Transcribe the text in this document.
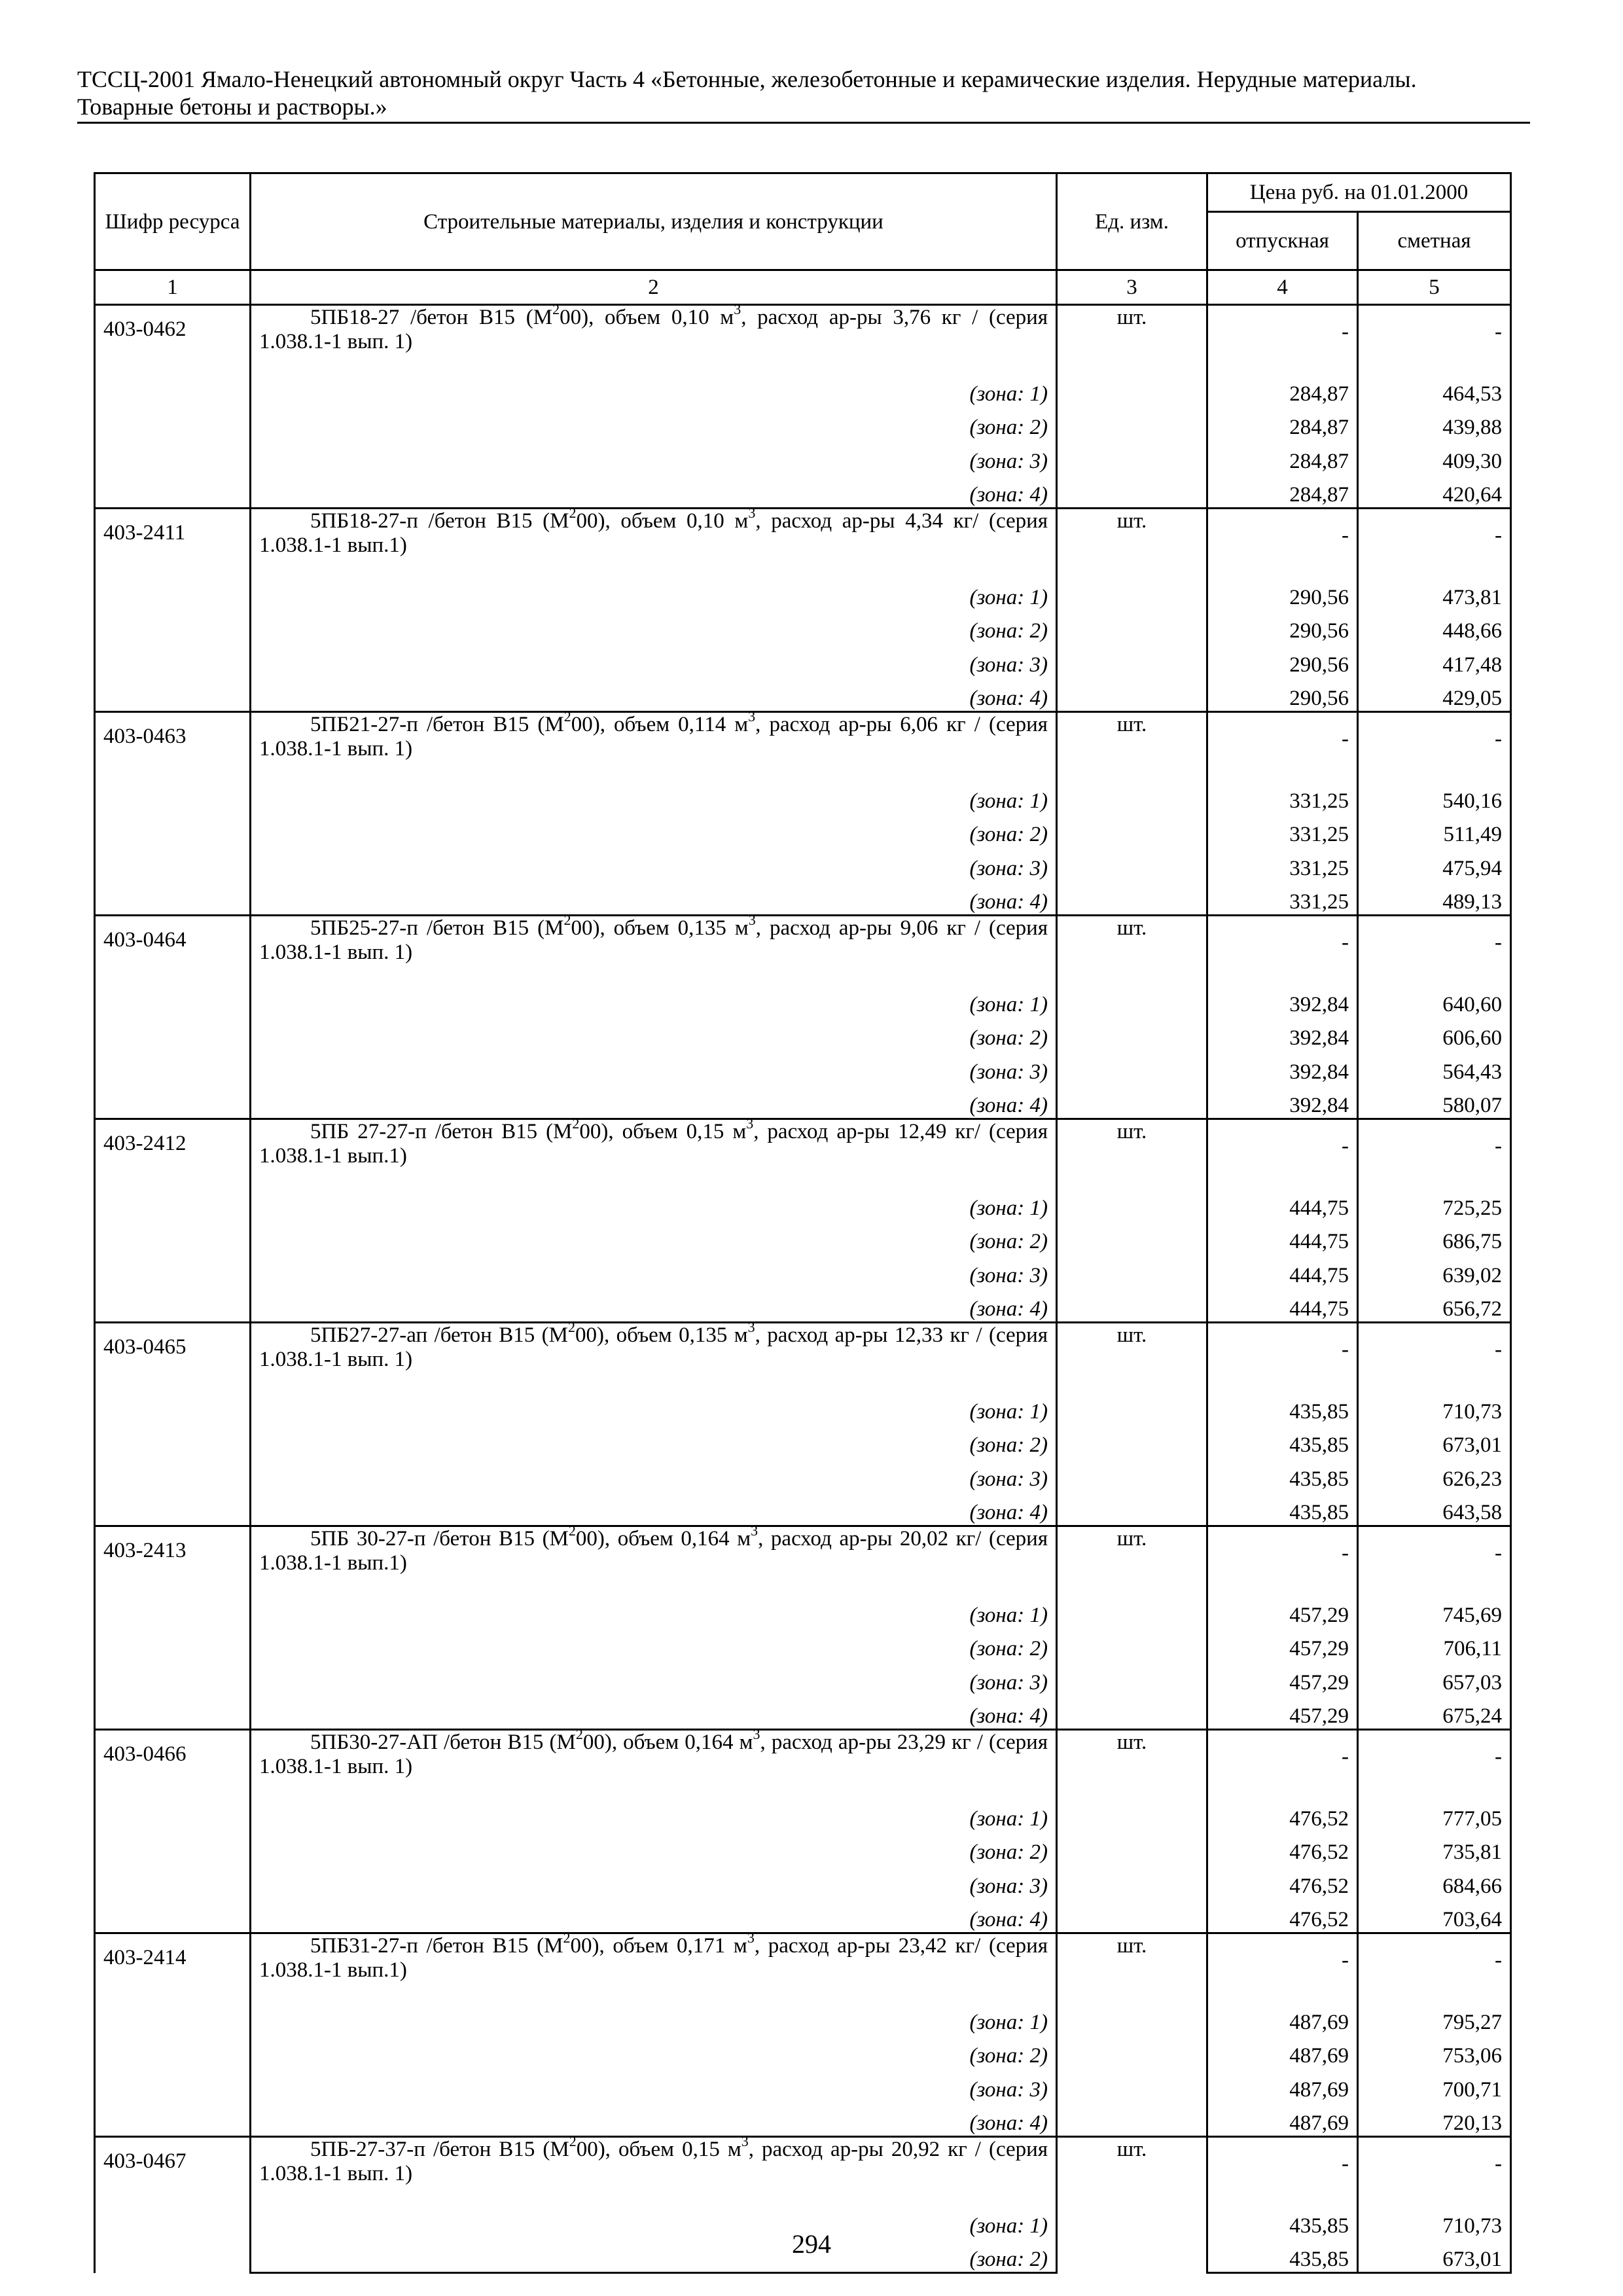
ТССЦ-2001 Ямало-Ненецкий автономный округ Часть 4 «Бетонные, железобетонные и керамические изделия. Нерудные материалы.
Товарные бетоны и растворы.»
Шифр ресурса	Строительные материалы, изделия и конструкции	Ед. изм.	Цена руб. на 01.01.2000	
			отпускная	сметная
1	2	3	4	5
403-0462	5ПБ18-27 /бетон В15 $(М^200)$, объем 0,10 $м^3$, расход ар-ры 3,76 кг / (серия 1.038.1-1 вып. 1)	шт.	-	-
	(зона: 1)		284,87	464,53
	(зона: 2)		284,87	439,88
	(зона: 3)		284,87	409,30
	(зона: 4)		284,87	420,64
403-2411	5ПБ18-27-п /бетон В15 $(М^200)$, объем 0,10 $м^3$, расход ар-ры 4,34 кг/ (серия 1.038.1-1 вып.1)	шт.	-	-
	(зона: 1)		290,56	473,81
	(зона: 2)		290,56	448,66
	(зона: 3)		290,56	417,48
	(зона: 4)		290,56	429,05
403-0463	5ПБ21-27-п /бетон В15 $(М^200)$, объем 0,114 $м^3$, расход ар-ры 6,06 кг / (серия 1.038.1-1 вып. 1)	шт.	-	-
	(зона: 1)		331,25	540,16
	(зона: 2)		331,25	511,49
	(зона: 3)		331,25	475,94
	(зона: 4)		331,25	489,13
403-0464	5ПБ25-27-п /бетон В15 $(М^200)$, объем 0,135 $м^3$, расход ар-ры 9,06 кг / (серия 1.038.1-1 вып. 1)	шт.	-	-
	(зона: 1)		392,84	640,60
	(зона: 2)		392,84	606,60
	(зона: 3)		392,84	564,43
	(зона: 4)		392,84	580,07
403-2412	5ПБ 27-27-п /бетон В15 $(М^200)$, объем 0,15 $м^3$, расход ар-ры 12,49 кг/ (серия 1.038.1-1 вып.1)	шт.	-	-
	(зона: 1)		444,75	725,25
	(зона: 2)		444,75	686,75
	(зона: 3)		444,75	639,02
	(зона: 4)		444,75	656,72
403-0465	5ПБ27-27-ап /бетон В15 $(М^200)$, объем 0,135 $м^3$, расход ар-ры 12,33 кг / (серия 1.038.1-1 вып. 1)	шт.	-	-
	(зона: 1)		435,85	710,73
	(зона: 2)		435,85	673,01
	(зона: 3)		435,85	626,23
	(зона: 4)		435,85	643,58
403-2413	5ПБ 30-27-п /бетон В15 $(М^200)$, объем 0,164 $м^3$, расход ар-ры 20,02 кг/ (серия 1.038.1-1 вып.1)	шт.	-	-
	(зона: 1)		457,29	745,69
	(зона: 2)		457,29	706,11
	(зона: 3)		457,29	657,03
	(зона: 4)		457,29	675,24
403-0466	5ПБ30-27-АП /бетон В15 $(М^200)$, объем 0,164 $м^3$, расход ар-ры 23,29 кг / (серия 1.038.1-1 вып. 1)	шт.	-	-
	(зона: 1)		476,52	777,05
	(зона: 2)		476,52	735,81
	(зона: 3)		476,52	684,66
	(зона: 4)		476,52	703,64
403-2414	5ПБ31-27-п /бетон В15 $(М^200)$, объем 0,171 $м^3$, расход ар-ры 23,42 кг/ (серия 1.038.1-1 вып.1)	шт.	-	-
	(зона: 1)		487,69	795,27
	(зона: 2)		487,69	753,06
	(зона: 3)		487,69	700,71
	(зона: 4)		487,69	720,13
403-0467	5ПБ-27-37-п /бетон В15 $(М^200)$, объем 0,15 $м^3$, расход ар-ры 20,92 кг / (серия 1.038.1-1 вып. 1)	шт.	-	-
	(зона: 1)		435,85	710,73
	(зона: 2)		435,85	673,01
294
